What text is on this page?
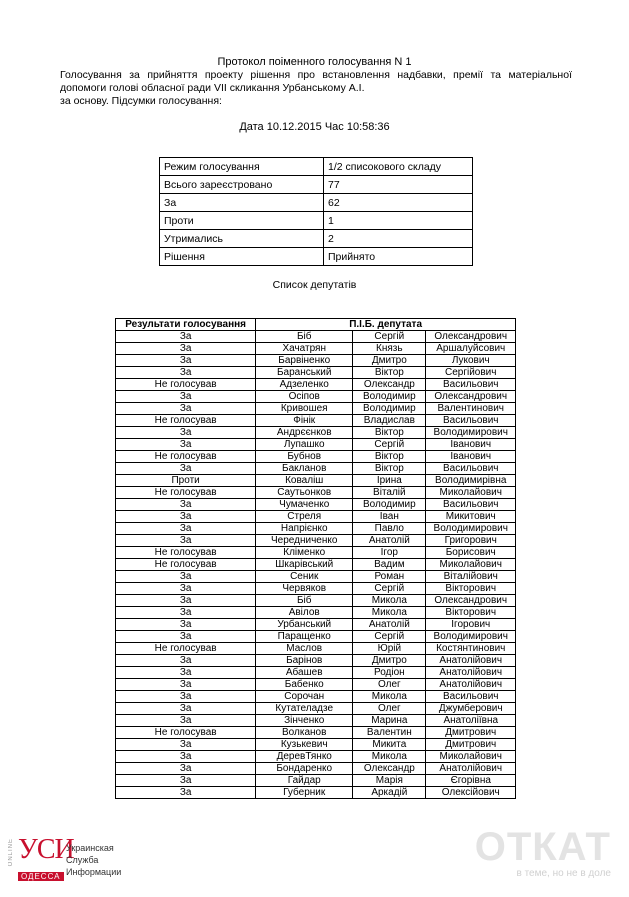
Протокол поіменного голосування N 1
Голосування за прийняття проекту рішення про встановлення надбавки, премії та матеріальної
допомоги голові обласної ради VII скликання Урбанському А.І.
за основу. Підсумки голосування:
Дата 10.12.2015 Час 10:58:36
Режим голосування	1/2 списокового складу
Всього зареєстровано	77
За	62
Проти	1
Утримались	2
Рішення	Прийнято
Список депутатів
Результати голосування	П.І.Б. депутата		
За	Біб	Сергій	Олександрович
За	Хачатрян	Князь	Аршалуйсович
За	Барвіненко	Дмитро	Лукович
За	Баранський	Віктор	Сергійович
Не голосував	Адзеленко	Олександр	Васильович
За	Осіпов	Володимир	Олександрович
За	Кривошея	Володимир	Валентинович
Не голосував	Фінік	Владислав	Васильович
За	Андрєєнков	Віктор	Володимирович
За	Лупашко	Сергій	Іванович
Не голосував	Бубнов	Віктор	Іванович
За	Бакланов	Віктор	Васильович
Проти	Коваліш	Ірина	Володимирівна
Не голосував	Саутьонков	Віталій	Миколайович
За	Чумаченко	Володимир	Васильович
За	Стреля	Іван	Микитович
За	Напрієнко	Павло	Володимирович
За	Чередниченко	Анатолій	Григорович
Не голосував	Кліменко	Ігор	Борисович
Не голосував	Шкарівський	Вадим	Миколайович
За	Сеник	Роман	Віталійович
За	Червяков	Сергій	Вікторович
За	Біб	Микола	Олександрович
За	Авілов	Микола	Вікторович
За	Урбанський	Анатолій	Ігорович
За	Паращенко	Сергій	Володимирович
Не голосував	Маслов	Юрій	Костянтинович
За	Барінов	Дмитро	Анатолійович
За	Абашев	Родіон	Анатолійович
За	Бабенко	Олег	Анатолійович
За	Сорочан	Микола	Васильович
За	Кутателадзе	Олег	Джумберович
За	Зінченко	Марина	Анатоліївна
Не голосував	Волканов	Валентин	Дмитрович
За	Кузькевич	Микита	Дмитрович
За	ДеревТянко	Микола	Миколайович
За	Бондаренко	Олександр	Анатолійович
За	Гайдар	Марія	Єгорівна
За	Губерник	Аркадій	Олексійович
ONLINE УСИ
ОДЕССА
Украинская
Служба
Информации
ОТКАТ
в теме, но не в доле
